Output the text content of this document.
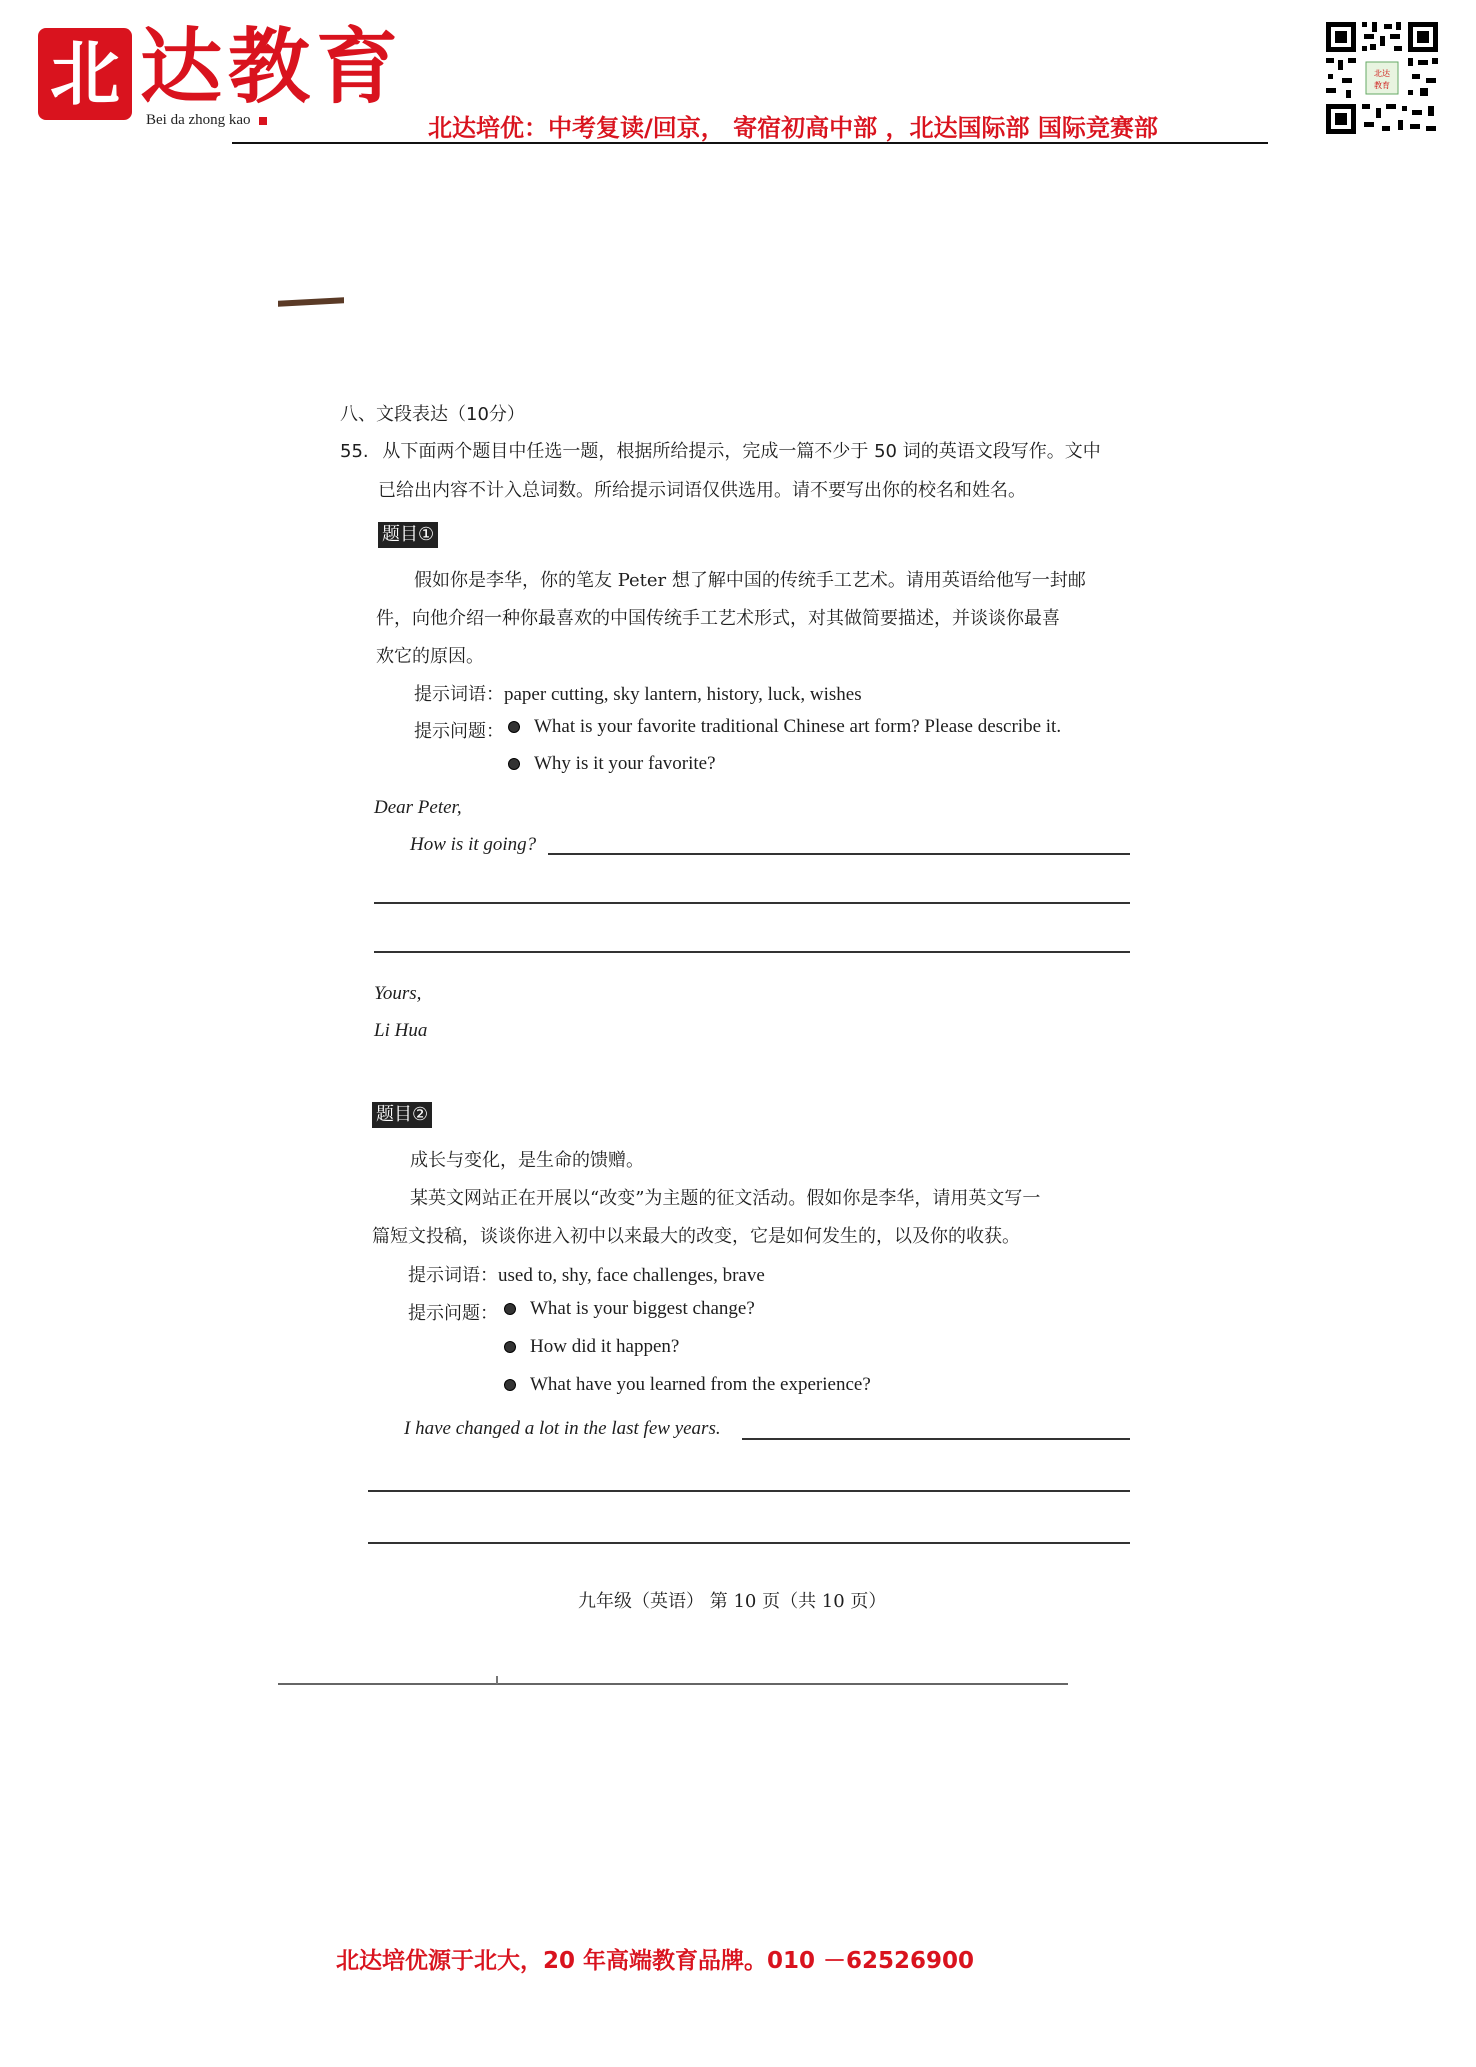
北 达教育
Bei da zhong kao	北达培优：中考复读/回京， 寄宿初高中部 ，北达国际部 国际竞赛部
北达
教育
八、文段表达（10分）
55. 从下面两个题目中任选一题，根据所给提示，完成一篇不少于 50 词的英语文段写作。文中
已给出内容不计入总词数。所给提示词语仅供选用。请不要写出你的校名和姓名。
题目①
假如你是李华，你的笔友 Peter 想了解中国的传统手工艺术。请用英语给他写一封邮
件，向他介绍一种你最喜欢的中国传统手工艺术形式，对其做简要描述，并谈谈你最喜
欢它的原因。
提示词语：paper cutting, sky lantern, history, luck, wishes
提示问题： What is your favorite traditional Chinese art form? Please describe it.
Why is it your favorite?
Dear Peter,
How is it going?
Yours,
Li Hua
题目②
成长与变化，是生命的馈赠。
某英文网站正在开展以“改变”为主题的征文活动。假如你是李华，请用英文写一
篇短文投稿，谈谈你进入初中以来最大的改变，它是如何发生的，以及你的收获。
提示词语：used to, shy, face challenges, brave
提示问题： What is your biggest change?
How did it happen?
What have you learned from the experience?
I have changed a lot in the last few years.
九年级（英语） 第 10 页（共 10 页）
北达培优源于北大，20 年高端教育品牌。010 －62526900
